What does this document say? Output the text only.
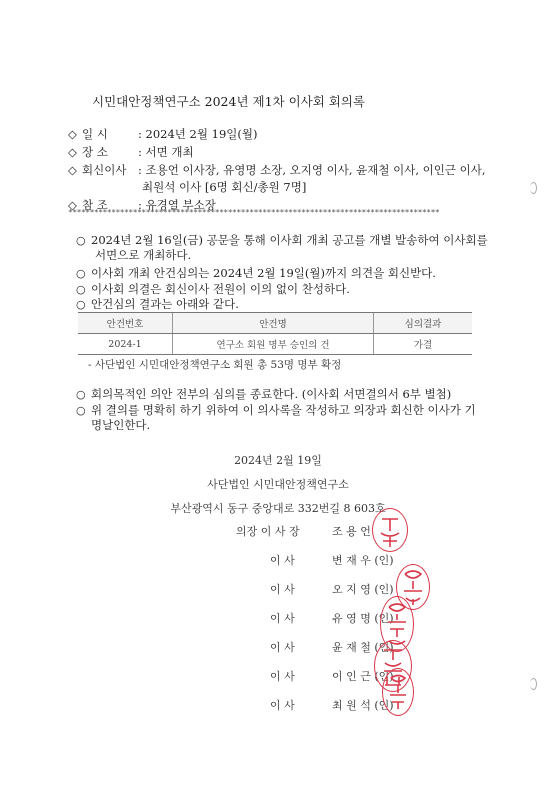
시민대안정책연구소 2024년 제1차 이사회 회의록
◇ 일 시	: 2024년 2월 19일(월)
◇ 장 소	: 서면 개최
◇ 회신이사 : 조용언 이사장, 유영명 소장, 오지영 이사, 윤재철 이사, 이인근 이사,
최원석 이사 [6명 회신/총원 7명]
◇ 참 조	: 유경열 부소장
**************************************************************************************
○ 2024년 2월 16일(금) 공문을 통해 이사회 개최 공고를 개별 발송하여 이사회를
서면으로 개최하다.
○ 이사회 개최 안건심의는 2024년 2월 19일(월)까지 의견을 회신받다.
○ 이사회 의결은 회신이사 전원이 이의 없이 찬성하다.
○ 안건심의 결과는 아래와 같다.
안건번호	안건명	심의결과
2024-1	연구소 회원 명부 승인의 건	가결
- 사단법인 시민대안정책연구소 회원 총 53명 명부 확정
○ 회의목적인 의안 전부의 심의를 종료한다. (이사회 서면결의서 6부 별첨)
○ 위 결의를 명확히 하기 위하여 이 의사록을 작성하고 의장과 회신한 이사가 기
명날인한다.
2024년 2월 19일
사단법인 시민대안정책연구소
부산광역시 동구 중앙대로 332번길 8 603호
의장 이 사 장	조 용 언
이 사	변 재 우 (인)
이 사	오 지 영 (인)
이 사	유 영 명 (인)
이 사	윤 재 철 (인)
이 사	이 인 근 (인)
이 사	최 원 석 (인)
